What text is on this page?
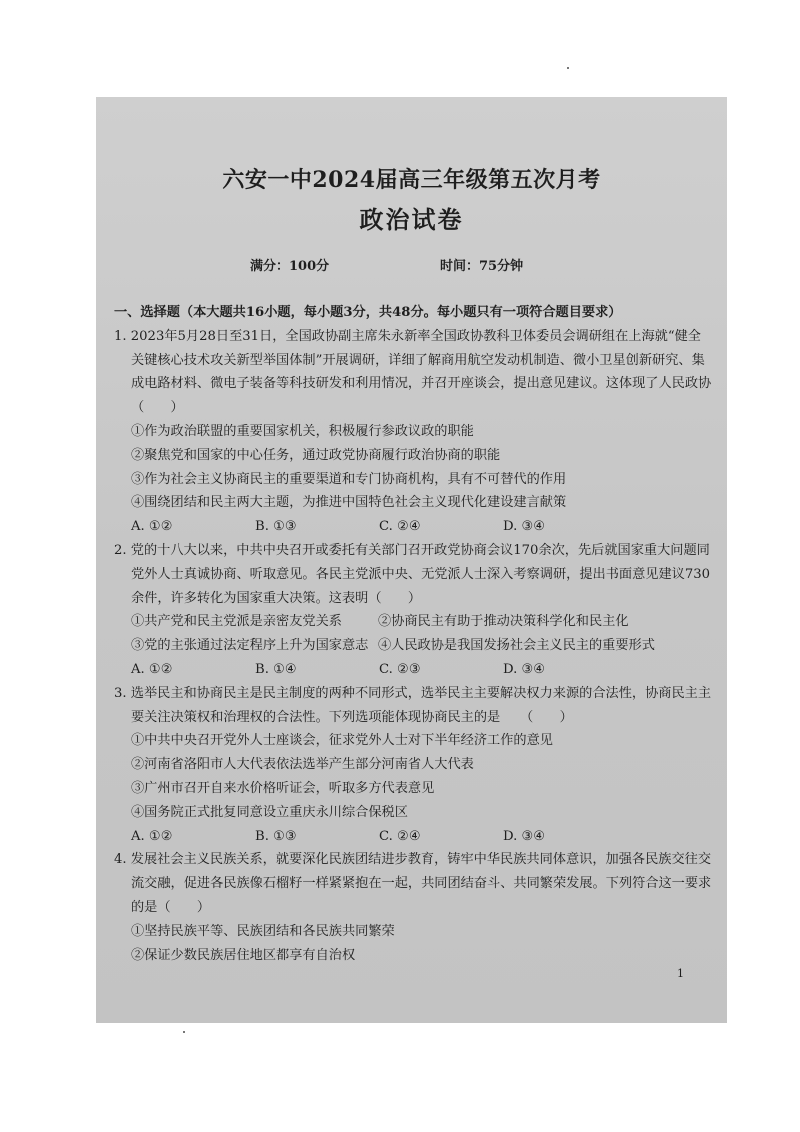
六安一中2024届高三年级第五次月考
政治试卷
满分：100分	时间：75分钟
一、选择题（本大题共16小题，每小题3分，共48分。每小题只有一项符合题目要求）
1. 2023年5月28日至31日，全国政协副主席朱永新率全国政协教科卫体委员会调研组在上海就“健全关键核心技术攻关新型举国体制”开展调研，详细了解商用航空发动机制造、微小卫星创新研究、集成电路材料、微电子装备等科技研发和利用情况，并召开座谈会，提出意见建议。这体现了人民政协（　　）
①作为政治联盟的重要国家机关，积极履行参政议政的职能
②聚焦党和国家的中心任务，通过政党协商履行政治协商的职能
③作为社会主义协商民主的重要渠道和专门协商机构，具有不可替代的作用
④围绕团结和民主两大主题，为推进中国特色社会主义现代化建设建言献策
A. ①②	B. ①③	C. ②④	D. ③④
2. 党的十八大以来，中共中央召开或委托有关部门召开政党协商会议170余次，先后就国家重大问题同党外人士真诚协商、听取意见。各民主党派中央、无党派人士深入考察调研，提出书面意见建议730余件，许多转化为国家重大决策。这表明（　　）
①共产党和民主党派是亲密友党关系	②协商民主有助于推动决策科学化和民主化
③党的主张通过法定程序上升为国家意志 ④人民政协是我国发扬社会主义民主的重要形式
A. ①②	B. ①④	C. ②③	D. ③④
3. 选举民主和协商民主是民主制度的两种不同形式，选举民主主要解决权力来源的合法性，协商民主主要关注决策权和治理权的合法性。下列选项能体现协商民主的是　　（　　）
①中共中央召开党外人士座谈会，征求党外人士对下半年经济工作的意见
②河南省洛阳市人大代表依法选举产生部分河南省人大代表
③广州市召开自来水价格听证会，听取多方代表意见
④国务院正式批复同意设立重庆永川综合保税区
A. ①②	B. ①③	C. ②④	D. ③④
4. 发展社会主义民族关系，就要深化民族团结进步教育，铸牢中华民族共同体意识，加强各民族交往交流交融，促进各民族像石榴籽一样紧紧抱在一起，共同团结奋斗、共同繁荣发展。下列符合这一要求的是（　　）
①坚持民族平等、民族团结和各民族共同繁荣
②保证少数民族居住地区都享有自治权
1
